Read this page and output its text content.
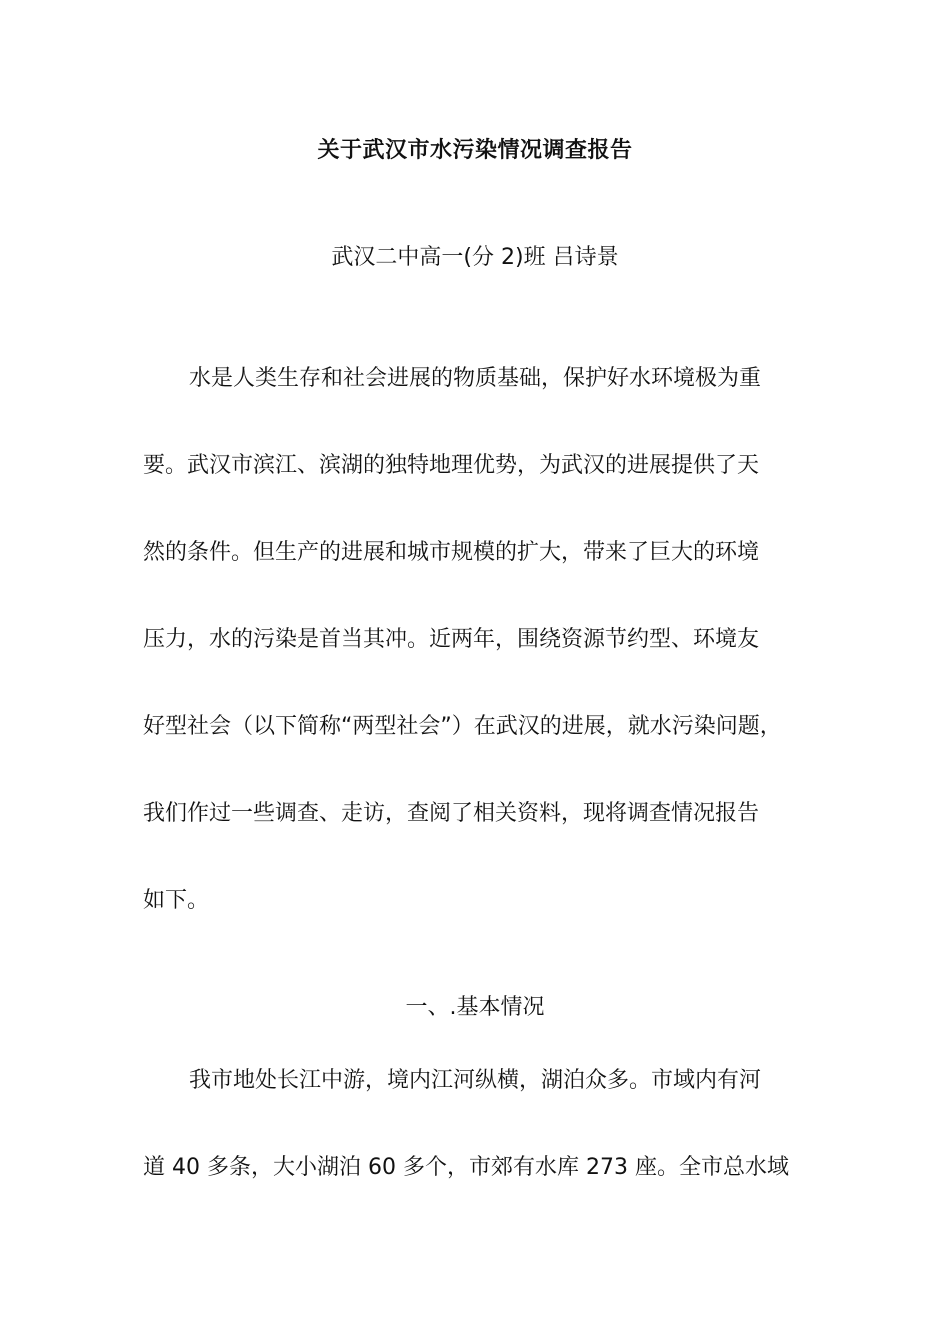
关于武汉市水污染情况调查报告
武汉二中高一(分 2)班 吕诗景
水是人类生存和社会进展的物质基础，保护好水环境极为重
要。武汉市滨江、滨湖的独特地理优势，为武汉的进展提供了天
然的条件。但生产的进展和城市规模的扩大，带来了巨大的环境
压力，水的污染是首当其冲。近两年，围绕资源节约型、环境友
好型社会（以下简称“两型社会”）在武汉的进展，就水污染问题，
我们作过一些调查、走访，查阅了相关资料，现将调查情况报告
如下。
一、.基本情况
我市地处长江中游，境内江河纵横，湖泊众多。市域内有河
道 40 多条，大小湖泊 60 多个，市郊有水库 273 座。全市总水域
